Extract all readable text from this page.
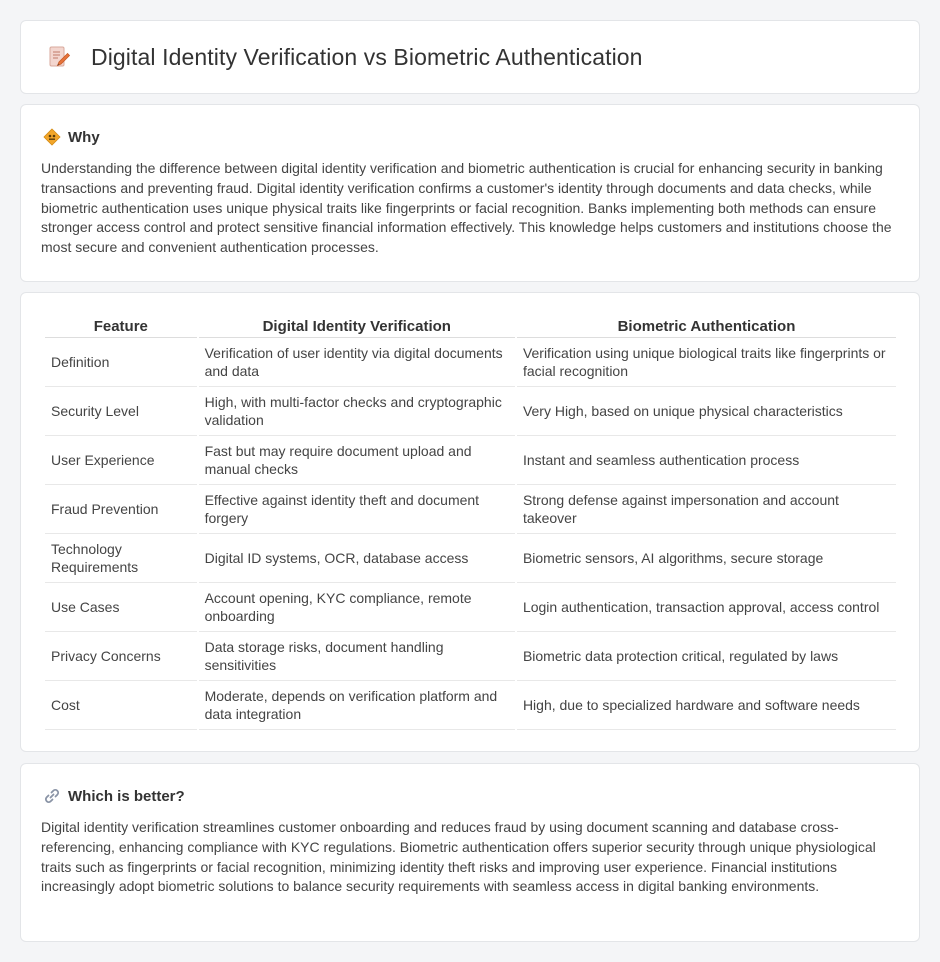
Digital Identity Verification vs Biometric Authentication
Why

Understanding the difference between digital identity verification and biometric authentication is crucial for enhancing security in banking transactions and preventing fraud. Digital identity verification confirms a customer's identity through documents and data checks, while biometric authentication uses unique physical traits like fingerprints or facial recognition. Banks implementing both methods can ensure stronger access control and protect sensitive financial information effectively. This knowledge helps customers and institutions choose the most secure and convenient authentication processes.

Feature	Digital Identity Verification	Biometric Authentication
Definition	Verification of user identity via digital documents and data	Verification using unique biological traits like fingerprints or facial recognition
Security Level	High, with multi-factor checks and cryptographic validation	Very High, based on unique physical characteristics
User Experience	Fast but may require document upload and manual checks	Instant and seamless authentication process
Fraud Prevention	Effective against identity theft and document forgery	Strong defense against impersonation and account takeover
Technology Requirements	Digital ID systems, OCR, database access	Biometric sensors, AI algorithms, secure storage
Use Cases	Account opening, KYC compliance, remote onboarding	Login authentication, transaction approval, access control
Privacy Concerns	Data storage risks, document handling sensitivities	Biometric data protection critical, regulated by laws
Cost	Moderate, depends on verification platform and data integration	High, due to specialized hardware and software needs
Which is better?

Digital identity verification streamlines customer onboarding and reduces fraud by using document scanning and database cross-referencing, enhancing compliance with KYC regulations. Biometric authentication offers superior security through unique physiological traits such as fingerprints or facial recognition, minimizing identity theft risks and improving user experience. Financial institutions increasingly adopt biometric solutions to balance security requirements with seamless access in digital banking environments.
